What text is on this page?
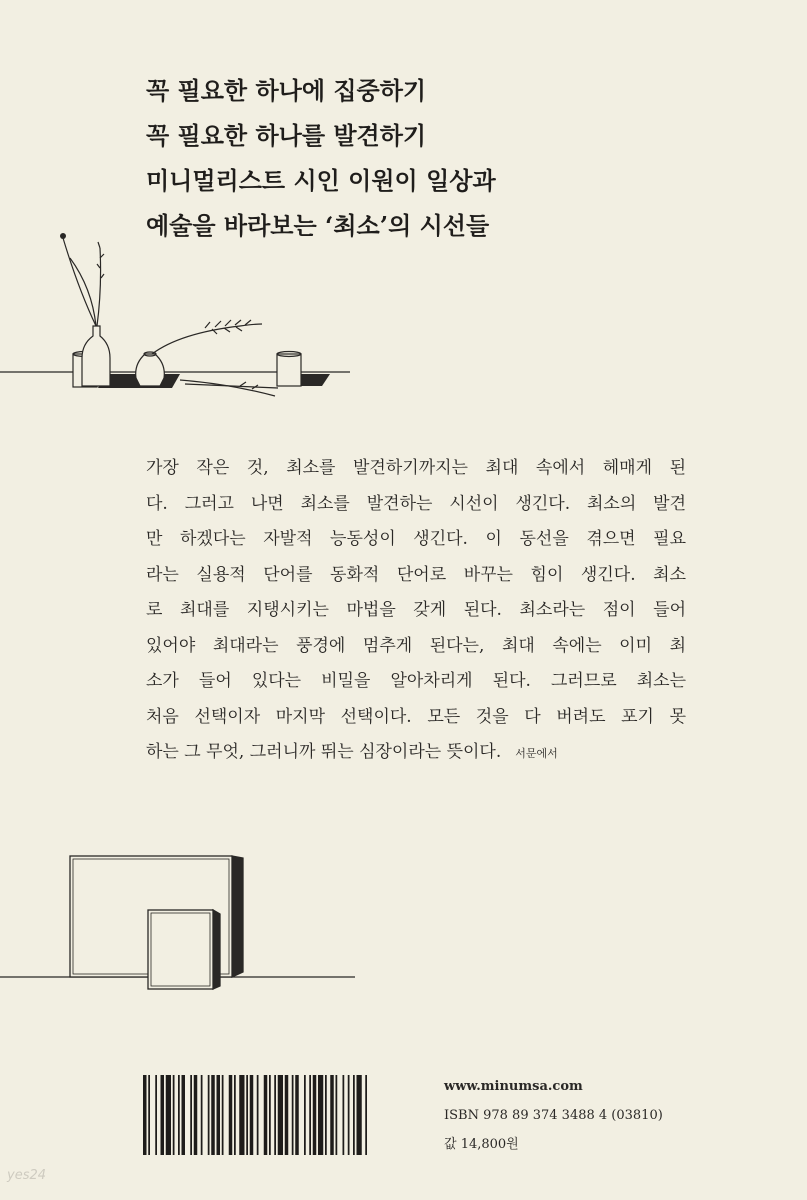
꼭 필요한 하나에 집중하기
꼭 필요한 하나를 발견하기
미니멀리스트 시인 이원이 일상과
예술을 바라보는 ‘최소’의 시선들
가장 작은 것, 최소를 발견하기까지는 최대 속에서 헤매게 된
다. 그러고 나면 최소를 발견하는 시선이 생긴다. 최소의 발견
만 하겠다는 자발적 능동성이 생긴다. 이 동선을 겪으면 필요
라는 실용적 단어를 동화적 단어로 바꾸는 힘이 생긴다. 최소
로 최대를 지탱시키는 마법을 갖게 된다. 최소라는 점이 들어
있어야 최대라는 풍경에 멈추게 된다는, 최대 속에는 이미 최
소가 들어 있다는 비밀을 알아차리게 된다. 그러므로 최소는
처음 선택이자 마지막 선택이다. 모든 것을 다 버려도 포기 못
하는 그 무엇, 그러니까 뛰는 심장이라는 뜻이다. 서문에서
www.minumsa.com
ISBN 978 89 374 3488 4 (03810)
값 14,800원
yes24
